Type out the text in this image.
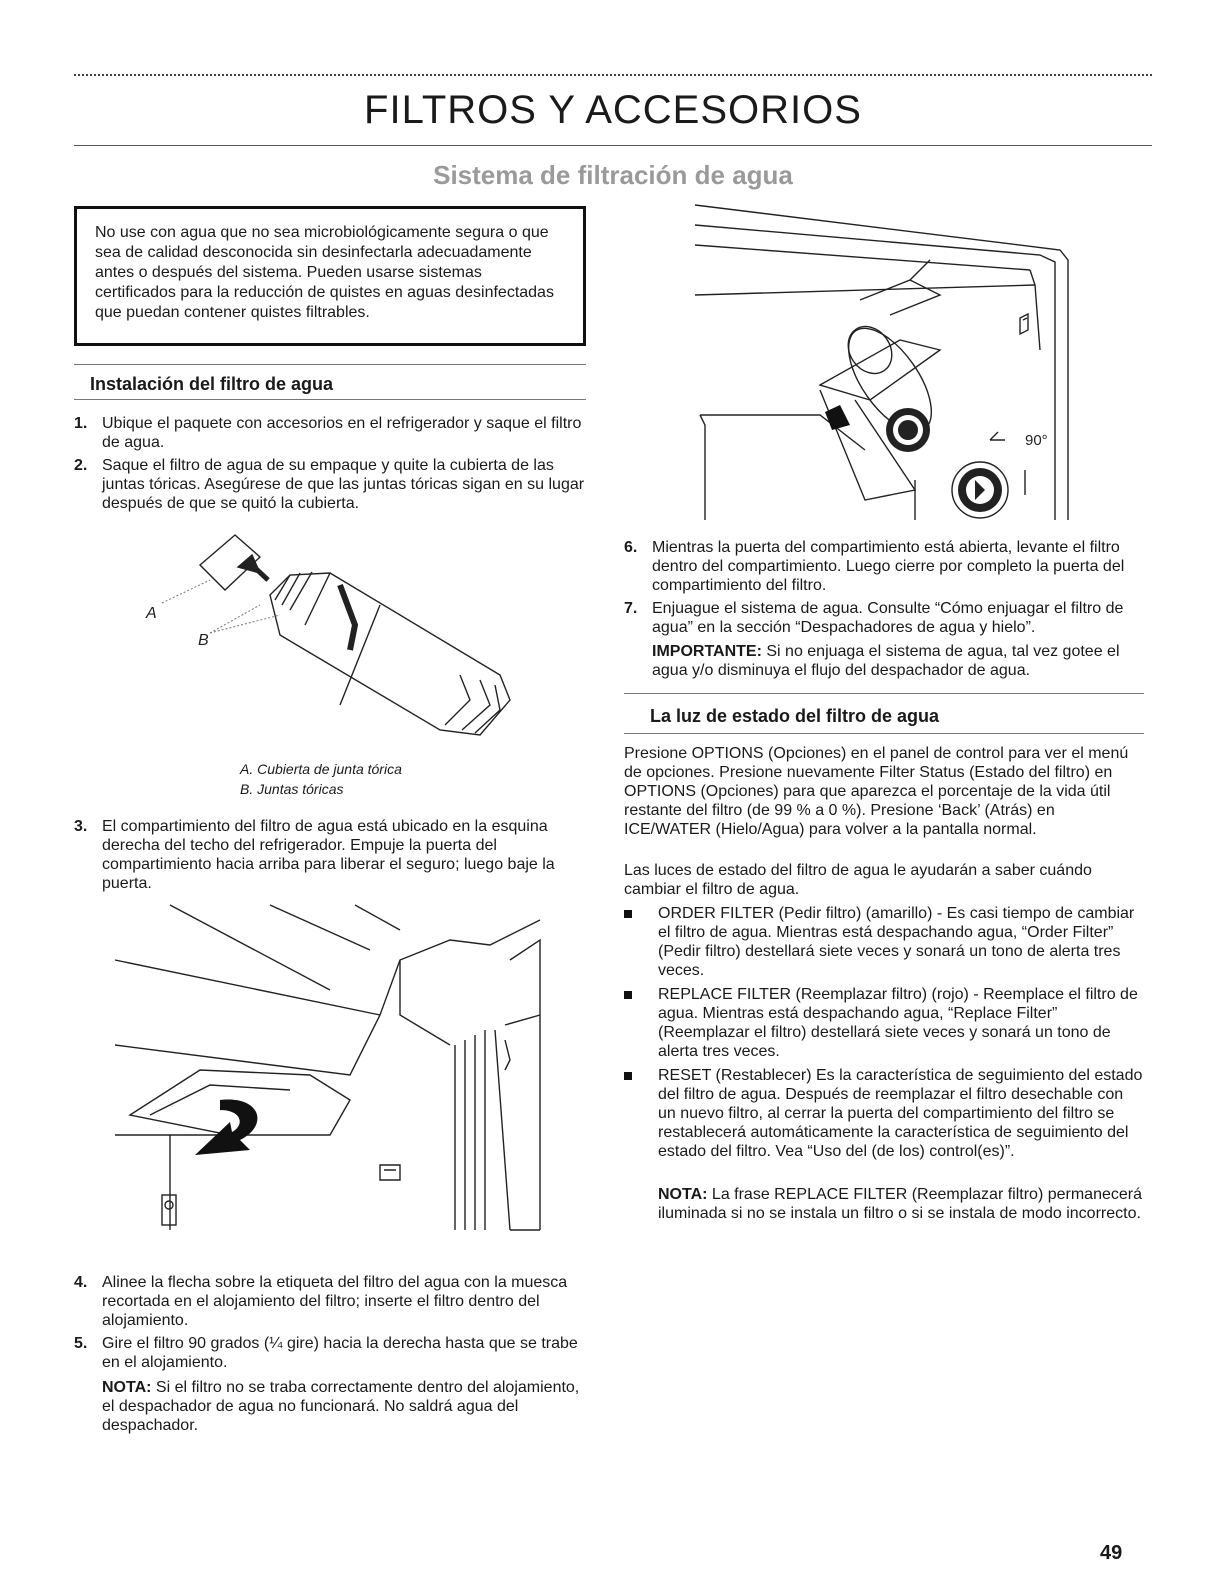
FILTROS Y ACCESORIOS
Sistema de filtración de agua
No use con agua que no sea microbiológicamente segura o que sea de calidad desconocida sin desinfectarla adecuadamente antes o después del sistema. Pueden usarse sistemas certificados para la reducción de quistes en aguas desinfectadas que puedan contener quistes filtrables.
Instalación del filtro de agua
1. Ubique el paquete con accesorios en el refrigerador y saque el filtro de agua.
2. Saque el filtro de agua de su empaque y quite la cubierta de las juntas tóricas. Asegúrese de que las juntas tóricas sigan en su lugar después de que se quitó la cubierta.
A
B
A. Cubierta de junta tórica
B. Juntas tóricas
3. El compartimiento del filtro de agua está ubicado en la esquina derecha del techo del refrigerador. Empuje la puerta del compartimiento hacia arriba para liberar el seguro; luego baje la puerta.
4. Alinee la flecha sobre la etiqueta del filtro del agua con la muesca recortada en el alojamiento del filtro; inserte el filtro dentro del alojamiento.
5. Gire el filtro 90 grados (¼ gire) hacia la derecha hasta que se trabe en el alojamiento.
NOTA: Si el filtro no se traba correctamente dentro del alojamiento, el despachador de agua no funcionará. No saldrá agua del despachador.
90°
6. Mientras la puerta del compartimiento está abierta, levante el filtro dentro del compartimiento. Luego cierre por completo la puerta del compartimiento del filtro.
7. Enjuague el sistema de agua. Consulte “Cómo enjuagar el filtro de agua” en la sección “Despachadores de agua y hielo”.
IMPORTANTE: Si no enjuaga el sistema de agua, tal vez gotee el agua y/o disminuya el flujo del despachador de agua.
La luz de estado del filtro de agua
Presione OPTIONS (Opciones) en el panel de control para ver el menú de opciones. Presione nuevamente Filter Status (Estado del filtro) en OPTIONS (Opciones) para que aparezca el porcentaje de la vida útil restante del filtro (de 99 % a 0 %). Presione ‘Back’ (Atrás) en ICE/WATER (Hielo/Agua) para volver a la pantalla normal.
Las luces de estado del filtro de agua le ayudarán a saber cuándo cambiar el filtro de agua.
ORDER FILTER (Pedir filtro) (amarillo) - Es casi tiempo de cambiar el filtro de agua. Mientras está despachando agua, “Order Filter” (Pedir filtro) destellará siete veces y sonará un tono de alerta tres veces.
REPLACE FILTER (Reemplazar filtro) (rojo) - Reemplace el filtro de agua. Mientras está despachando agua, “Replace Filter” (Reemplazar el filtro) destellará siete veces y sonará un tono de alerta tres veces.
RESET (Restablecer) Es la característica de seguimiento del estado del filtro de agua. Después de reemplazar el filtro desechable con un nuevo filtro, al cerrar la puerta del compartimiento del filtro se restablecerá automáticamente la característica de seguimiento del estado del filtro. Vea “Uso del (de los) control(es)”.
NOTA: La frase REPLACE FILTER (Reemplazar filtro) permanecerá iluminada si no se instala un filtro o si se instala de modo incorrecto.
49
